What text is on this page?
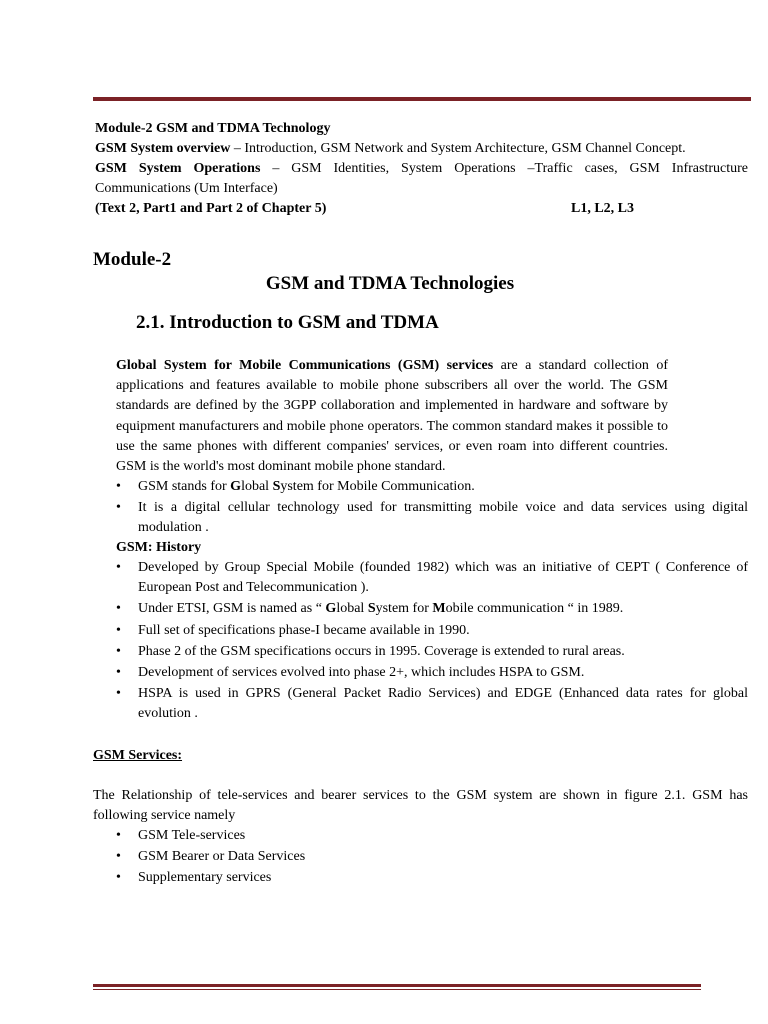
Module-2 GSM and TDMA Technology

GSM System overview – Introduction, GSM Network and System Architecture, GSM Channel Concept.

GSM System Operations – GSM Identities, System Operations –Traffic cases, GSM Infrastructure Communications (Um Interface)

(Text 2, Part1 and Part 2 of Chapter 5)	L1, L2, L3

Module-2
GSM and TDMA Technologies
2.1. Introduction to GSM and TDMA

Global System for Mobile Communications (GSM) services are a standard collection of applications and features available to mobile phone subscribers all over the world. The GSM standards are defined by the 3GPP collaboration and implemented in hardware and software by equipment manufacturers and mobile phone operators. The common standard makes it possible to use the same phones with different companies' services, or even roam into different countries. GSM is the world's most dominant mobile phone standard.

• GSM stands for Global System for Mobile Communication.
• It is a digital cellular technology used for transmitting mobile voice and data services using digital modulation .
GSM: History
• Developed by Group Special Mobile (founded 1982) which was an initiative of CEPT ( Conference of European Post and Telecommunication ).
• Under ETSI, GSM is named as “ Global System for Mobile communication “ in 1989.
• Full set of specifications phase-I became available in 1990.
• Phase 2 of the GSM specifications occurs in 1995. Coverage is extended to rural areas.
• Development of services evolved into phase 2+, which includes HSPA to GSM.
• HSPA is used in GPRS (General Packet Radio Services) and EDGE (Enhanced data rates for global evolution .
GSM Services:

The Relationship of tele-services and bearer services to the GSM system are shown in figure 2.1. GSM has following service namely

• GSM Tele-services
• GSM Bearer or Data Services
• Supplementary services
